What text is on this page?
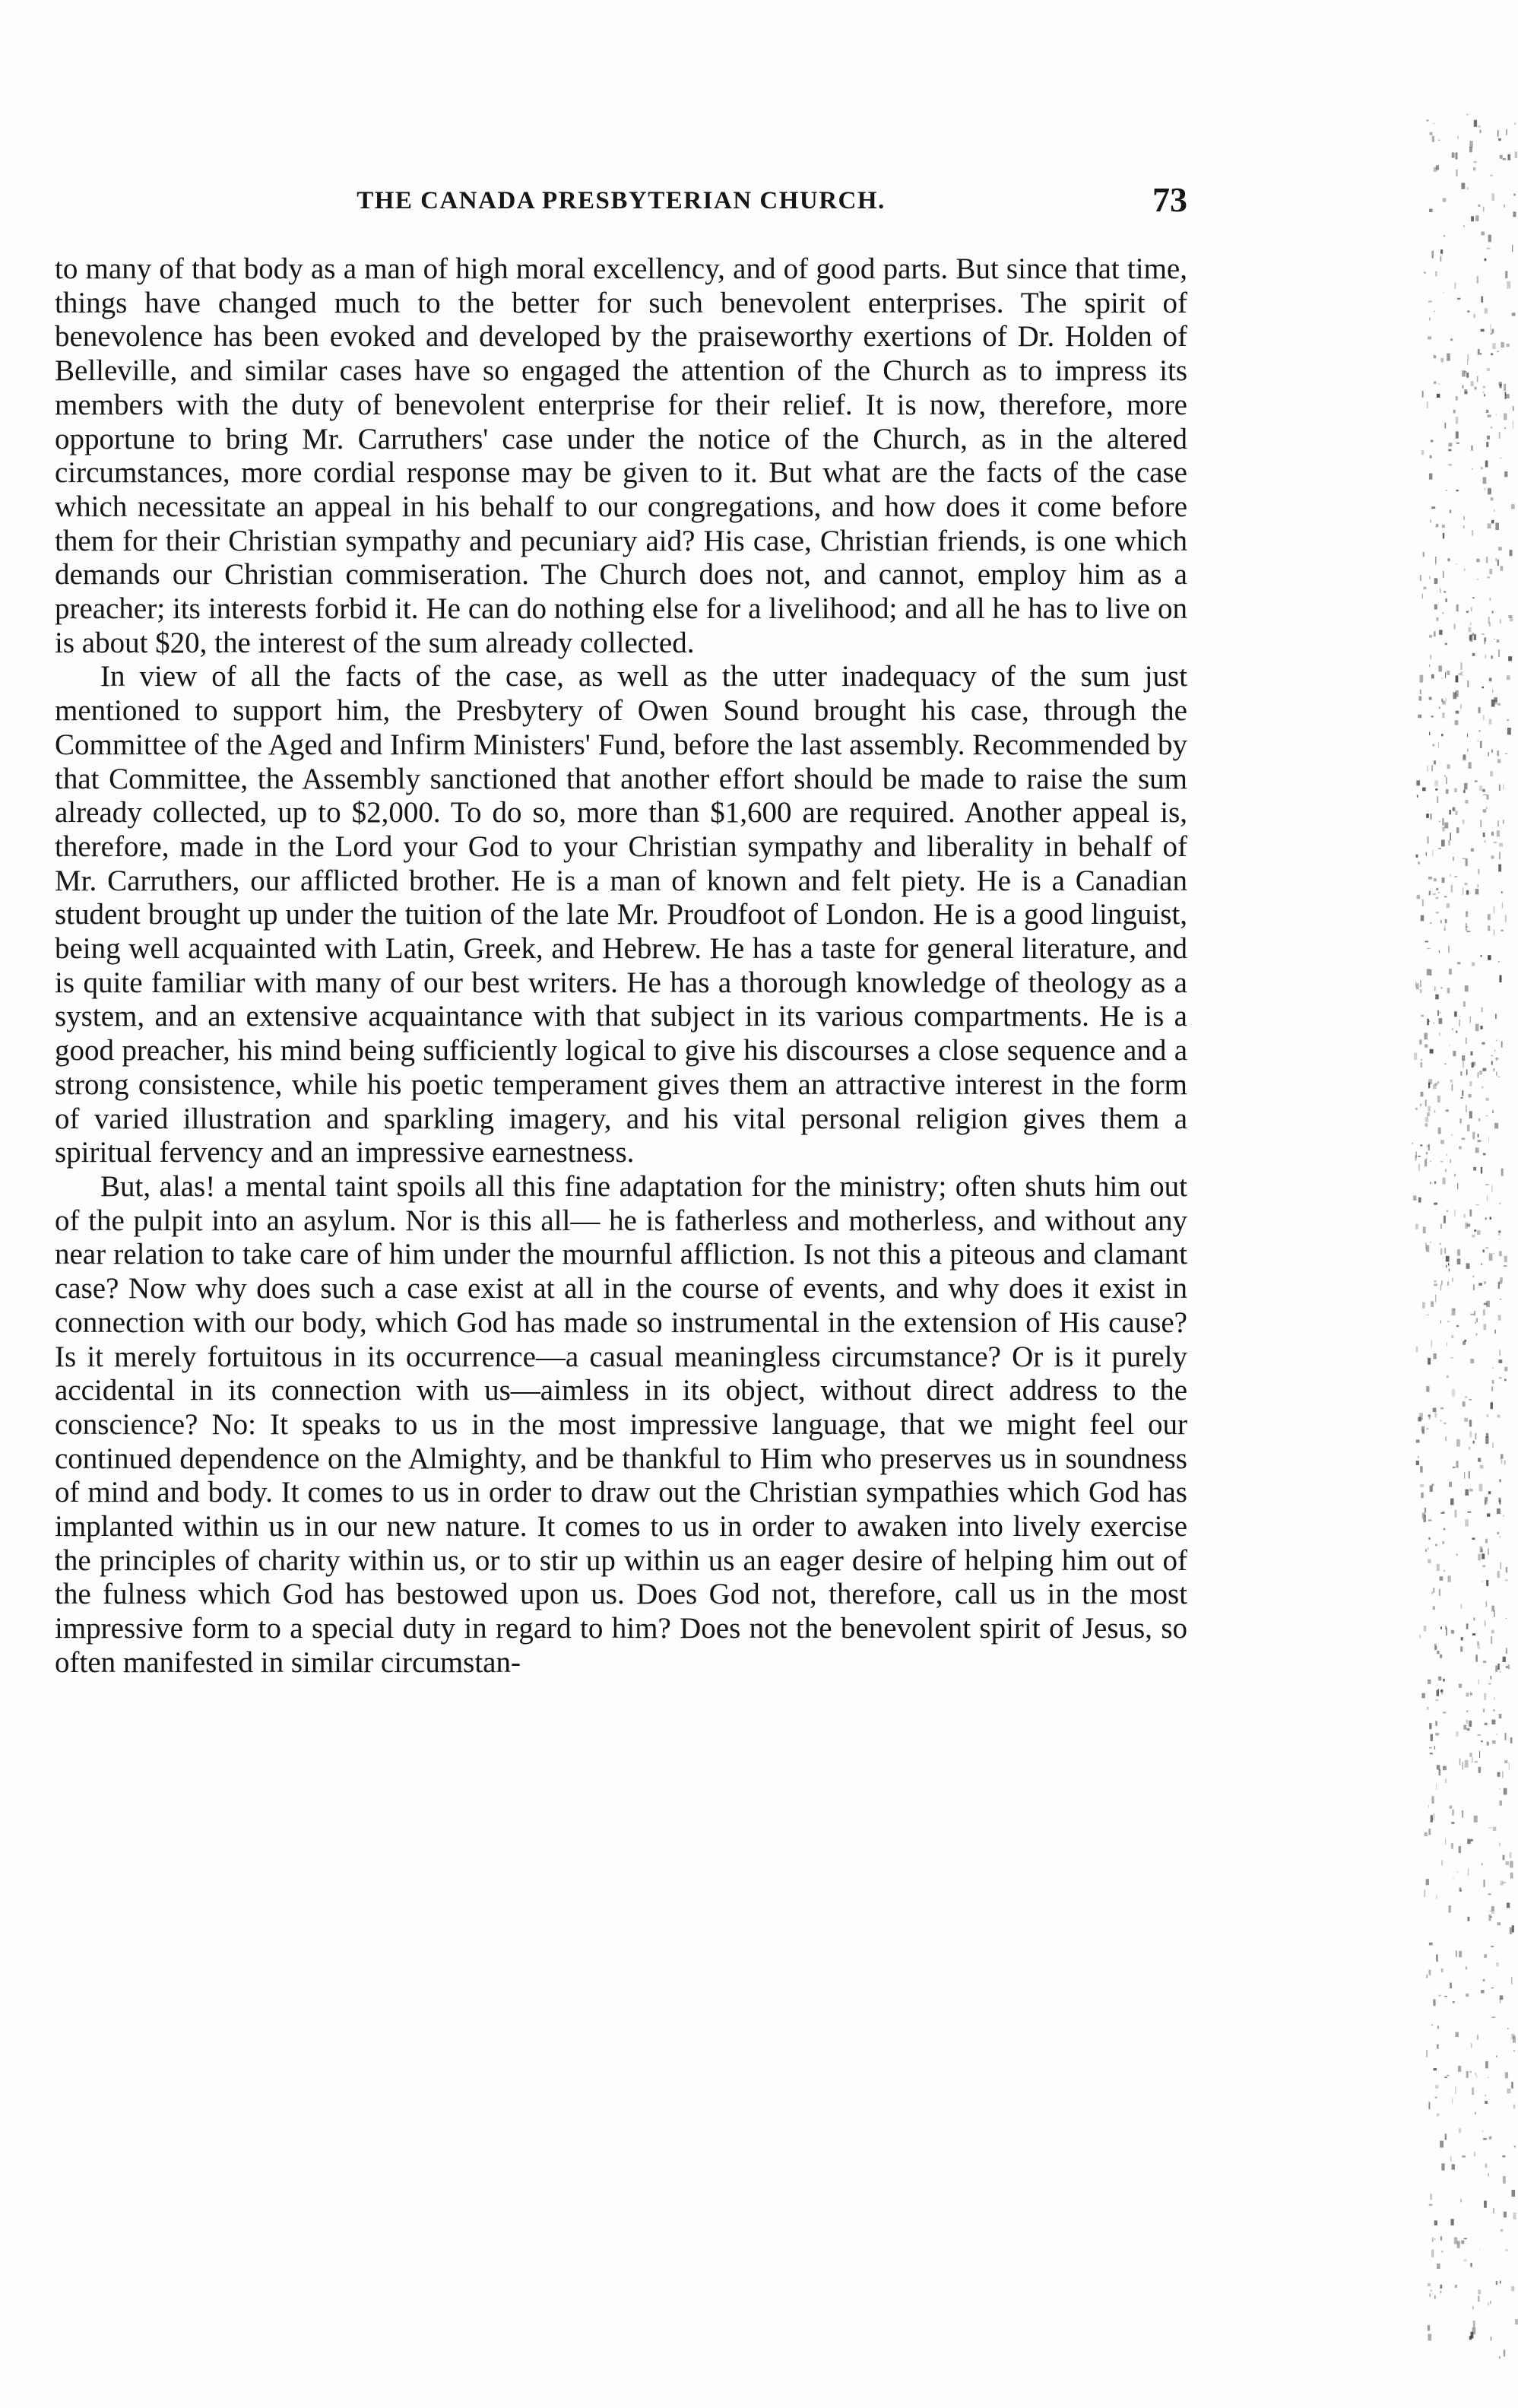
THE CANADA PRESBYTERIAN CHURCH.	73

to many of that body as a man of high moral excellency, and of good parts. But since that time, things have changed much to the better for such benevolent enterprises. The spirit of benevolence has been evoked and developed by the praiseworthy exertions of Dr. Holden of Belleville, and similar cases have so engaged the attention of the Church as to impress its members with the duty of benevolent enterprise for their relief. It is now, therefore, more opportune to bring Mr. Carruthers' case under the notice of the Church, as in the altered circumstances, more cordial response may be given to it. But what are the facts of the case which necessitate an appeal in his behalf to our congregations, and how does it come before them for their Christian sympathy and pecuniary aid? His case, Christian friends, is one which demands our Christian commiseration. The Church does not, and cannot, employ him as a preacher; its interests forbid it. He can do nothing else for a livelihood; and all he has to live on is about $20, the interest of the sum already collected.

In view of all the facts of the case, as well as the utter inadequacy of the sum just mentioned to support him, the Presbytery of Owen Sound brought his case, through the Committee of the Aged and Infirm Ministers' Fund, before the last assembly. Recommended by that Committee, the Assembly sanctioned that another effort should be made to raise the sum already collected, up to $2,000. To do so, more than $1,600 are required. Another appeal is, therefore, made in the Lord your God to your Christian sympathy and liberality in behalf of Mr. Carruthers, our afflicted brother. He is a man of known and felt piety. He is a Canadian student brought up under the tuition of the late Mr. Proudfoot of London. He is a good linguist, being well acquainted with Latin, Greek, and Hebrew. He has a taste for general literature, and is quite familiar with many of our best writers. He has a thorough knowledge of theology as a system, and an extensive acquaintance with that subject in its various compartments. He is a good preacher, his mind being sufficiently logical to give his discourses a close sequence and a strong consistence, while his poetic temperament gives them an attractive interest in the form of varied illustration and sparkling imagery, and his vital personal religion gives them a spiritual fervency and an impressive earnestness.

But, alas! a mental taint spoils all this fine adaptation for the ministry; often shuts him out of the pulpit into an asylum. Nor is this all— he is fatherless and motherless, and without any near relation to take care of him under the mournful affliction. Is not this a piteous and clamant case? Now why does such a case exist at all in the course of events, and why does it exist in connection with our body, which God has made so instrumental in the extension of His cause? Is it merely fortuitous in its occurrence—a casual meaningless circumstance? Or is it purely accidental in its connection with us—aimless in its object, without direct address to the conscience? No: It speaks to us in the most impressive language, that we might feel our continued dependence on the Almighty, and be thankful to Him who preserves us in soundness of mind and body. It comes to us in order to draw out the Christian sympathies which God has implanted within us in our new nature. It comes to us in order to awaken into lively exercise the principles of charity within us, or to stir up within us an eager desire of helping him out of the fulness which God has bestowed upon us. Does God not, therefore, call us in the most impressive form to a special duty in regard to him? Does not the benevolent spirit of Jesus, so often manifested in similar circumstan-
